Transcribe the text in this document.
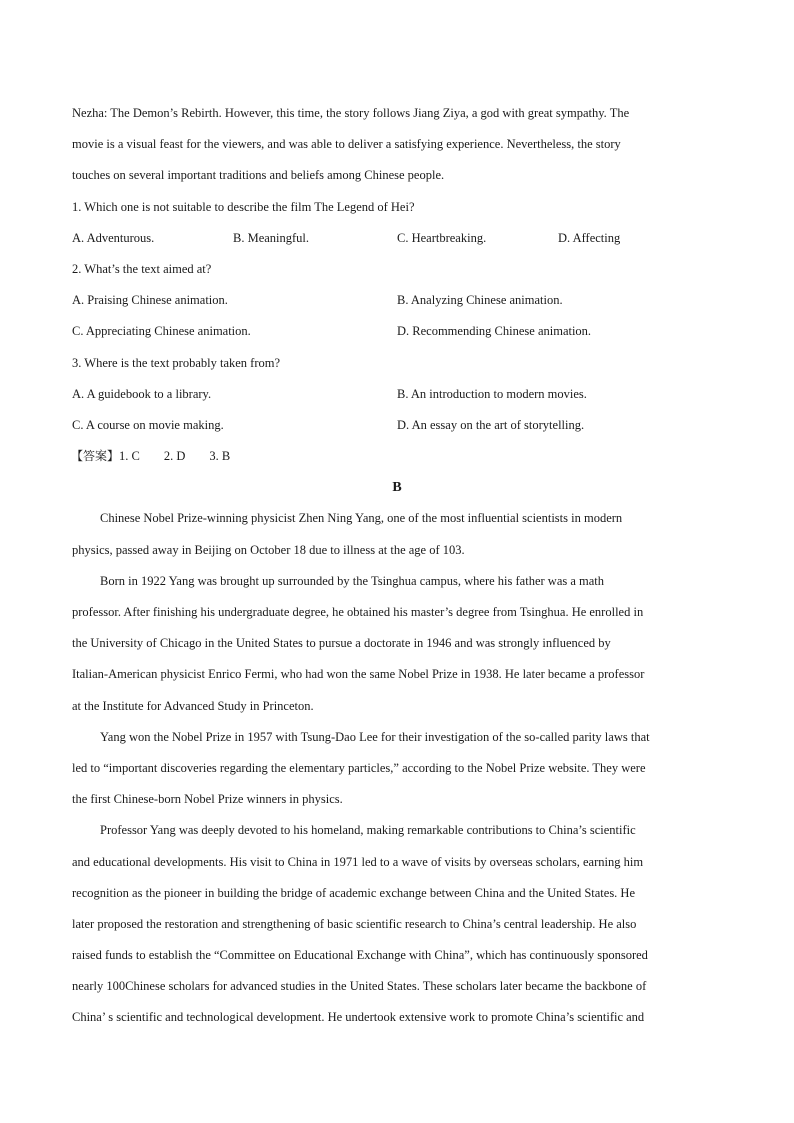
Nezha: The Demon’s Rebirth. However, this time, the story follows Jiang Ziya, a god with great sympathy. The
movie is a visual feast for the viewers, and was able to deliver a satisfying experience. Nevertheless, the story
touches on several important traditions and beliefs among Chinese people.
1. Which one is not suitable to describe the film The Legend of Hei?
A. Adventurous.	B. Meaningful.	C. Heartbreaking.	D. Affecting
2. What’s the text aimed at?
A. Praising Chinese animation.	B. Analyzing Chinese animation.
C. Appreciating Chinese animation.	D. Recommending Chinese animation.
3. Where is the text probably taken from?
A. A guidebook to a library.	B. An introduction to modern movies.
C. A course on movie making.	D. An essay on the art of storytelling.
【答案】1. C 2. D 3. B
B
Chinese Nobel Prize-winning physicist Zhen Ning Yang, one of the most influential scientists in modern
physics, passed away in Beijing on October 18 due to illness at the age of 103.
Born in 1922 Yang was brought up surrounded by the Tsinghua campus, where his father was a math
professor. After finishing his undergraduate degree, he obtained his master’s degree from Tsinghua. He enrolled in
the University of Chicago in the United States to pursue a doctorate in 1946 and was strongly influenced by
Italian-American physicist Enrico Fermi, who had won the same Nobel Prize in 1938. He later became a professor
at the Institute for Advanced Study in Princeton.
Yang won the Nobel Prize in 1957 with Tsung-Dao Lee for their investigation of the so-called parity laws that
led to “important discoveries regarding the elementary particles,” according to the Nobel Prize website. They were
the first Chinese-born Nobel Prize winners in physics.
Professor Yang was deeply devoted to his homeland, making remarkable contributions to China’s scientific
and educational developments. His visit to China in 1971 led to a wave of visits by overseas scholars, earning him
recognition as the pioneer in building the bridge of academic exchange between China and the United States. He
later proposed the restoration and strengthening of basic scientific research to China’s central leadership. He also
raised funds to establish the “Committee on Educational Exchange with China”, which has continuously sponsored
nearly 100Chinese scholars for advanced studies in the United States. These scholars later became the backbone of
China’ s scientific and technological development. He undertook extensive work to promote China’s scientific and
